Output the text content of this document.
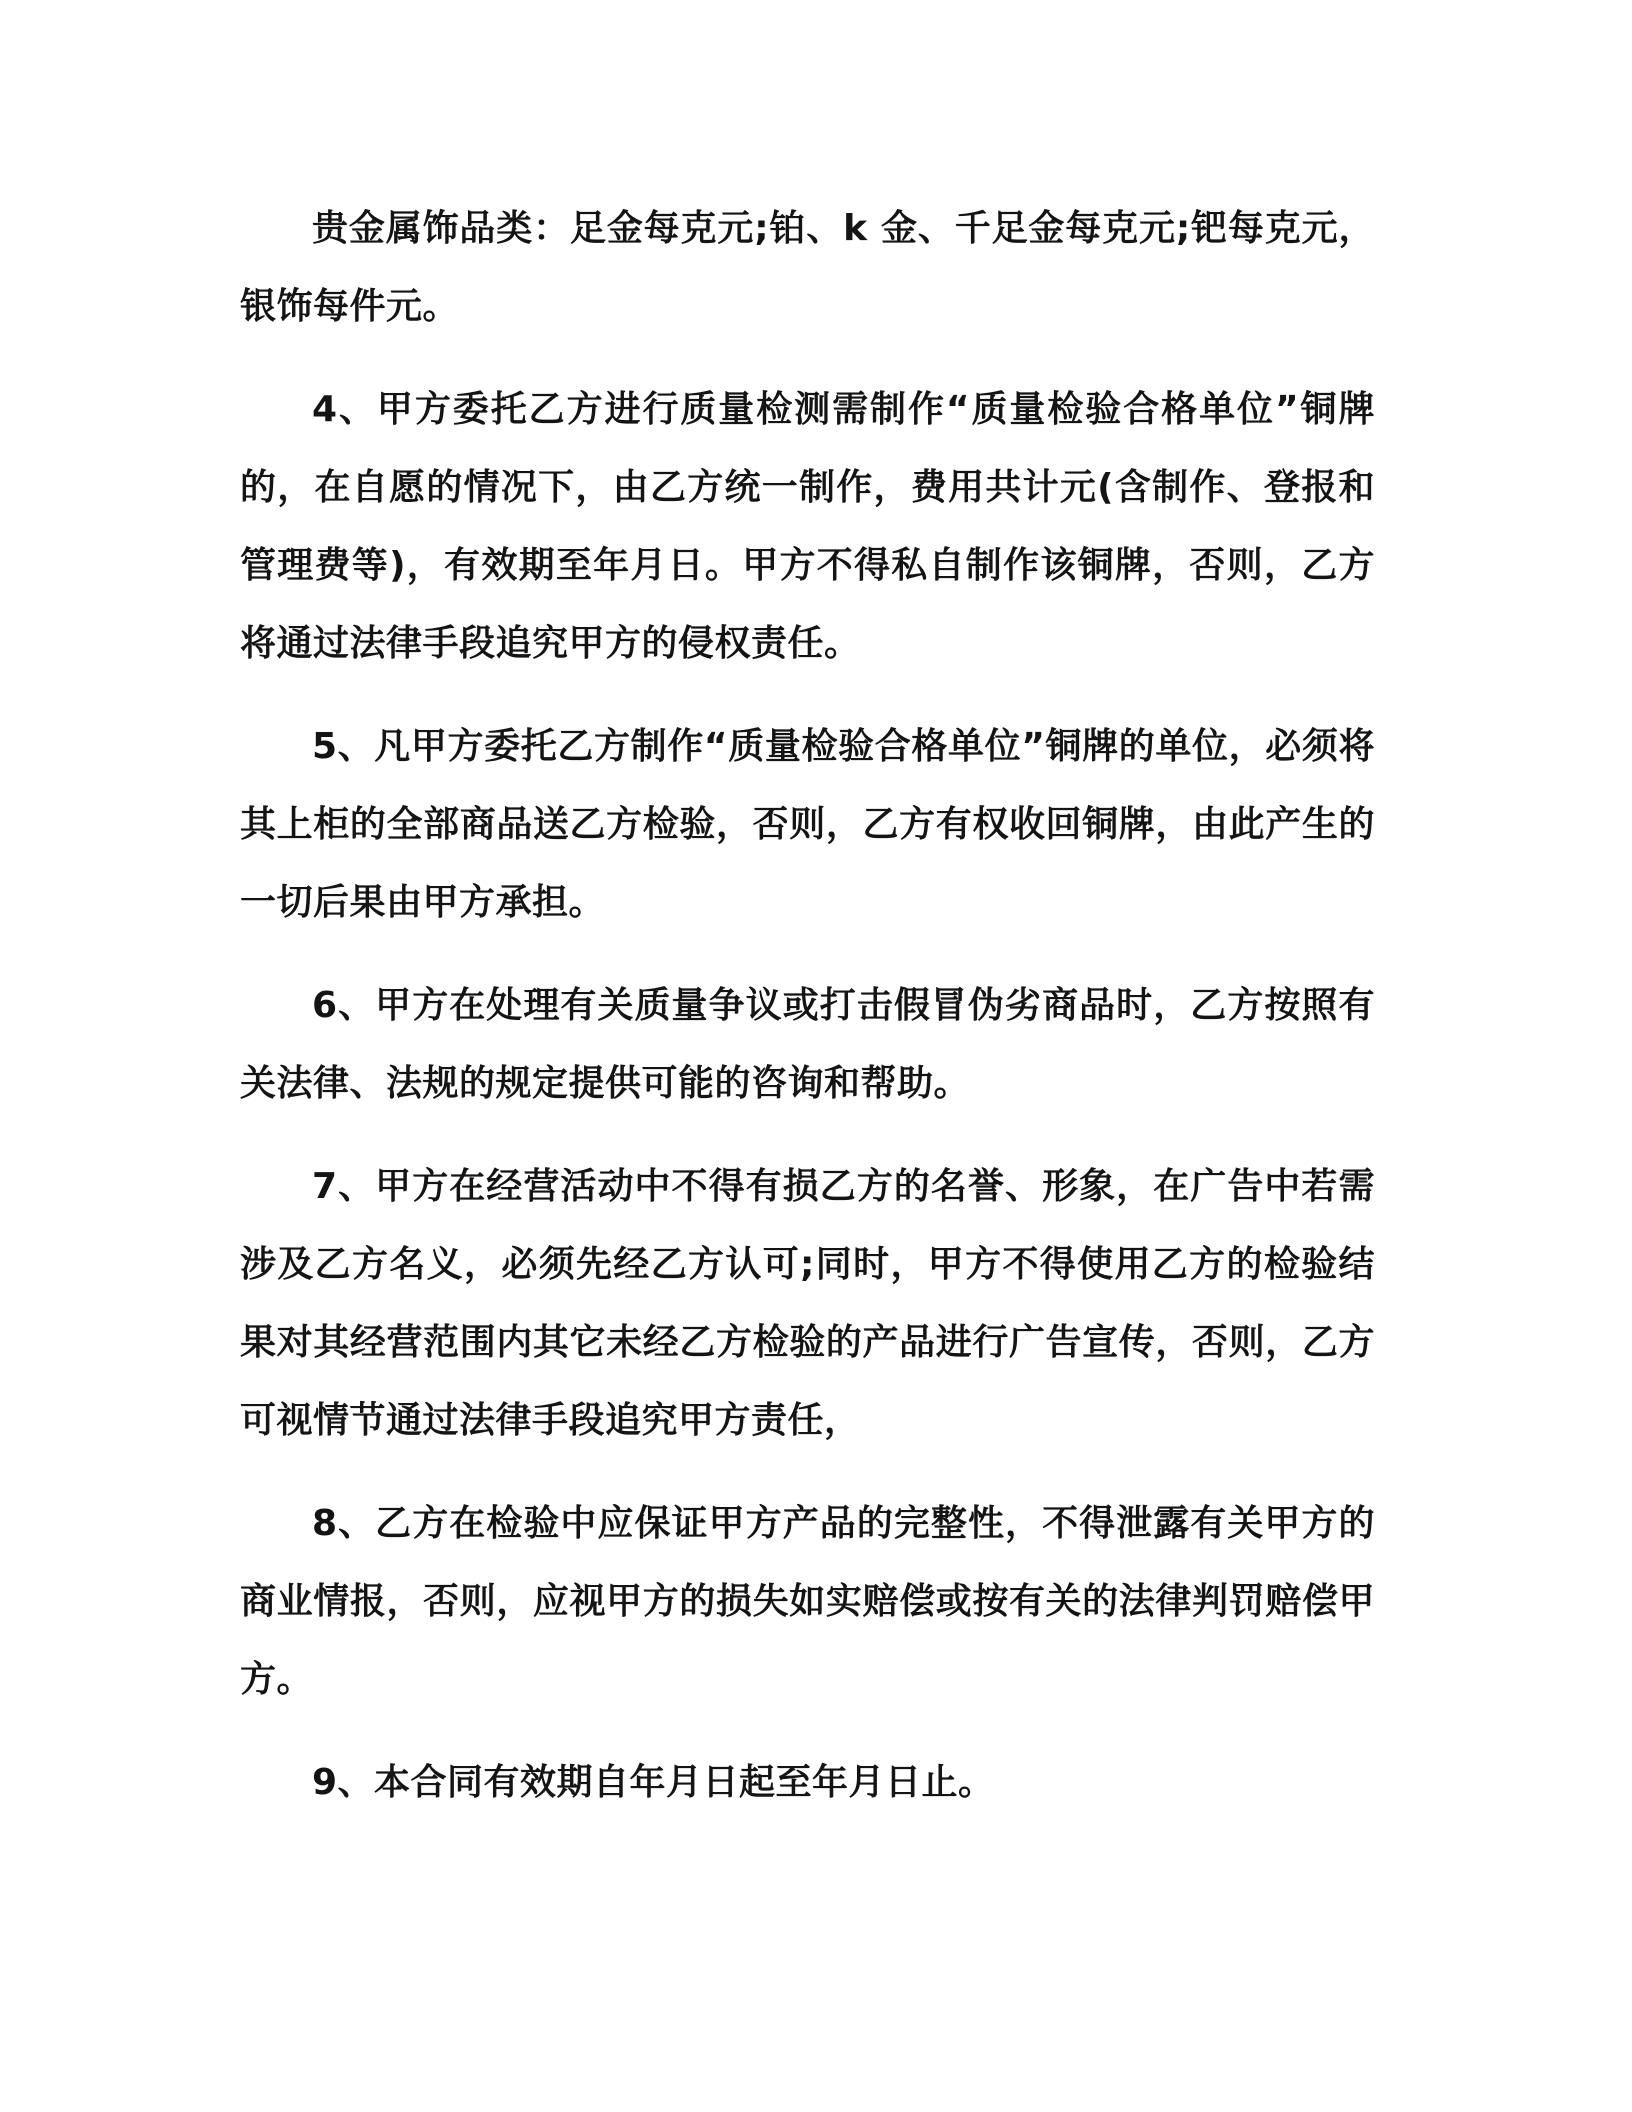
贵金属饰品类：足金每克元;铂、k 金、千足金每克元;钯每克元，银饰每件元。

4、甲方委托乙方进行质量检测需制作“质量检验合格单位”铜牌的，在自愿的情况下，由乙方统一制作，费用共计元(含制作、登报和管理费等)，有效期至年月日。甲方不得私自制作该铜牌，否则，乙方将通过法律手段追究甲方的侵权责任。

5、凡甲方委托乙方制作“质量检验合格单位”铜牌的单位，必须将其上柜的全部商品送乙方检验，否则，乙方有权收回铜牌，由此产生的一切后果由甲方承担。

6、甲方在处理有关质量争议或打击假冒伪劣商品时，乙方按照有关法律、法规的规定提供可能的咨询和帮助。

7、甲方在经营活动中不得有损乙方的名誉、形象，在广告中若需涉及乙方名义，必须先经乙方认可;同时，甲方不得使用乙方的检验结果对其经营范围内其它未经乙方检验的产品进行广告宣传，否则，乙方可视情节通过法律手段追究甲方责任，

8、乙方在检验中应保证甲方产品的完整性，不得泄露有关甲方的商业情报，否则，应视甲方的损失如实赔偿或按有关的法律判罚赔偿甲方。

9、本合同有效期自年月日起至年月日止。
